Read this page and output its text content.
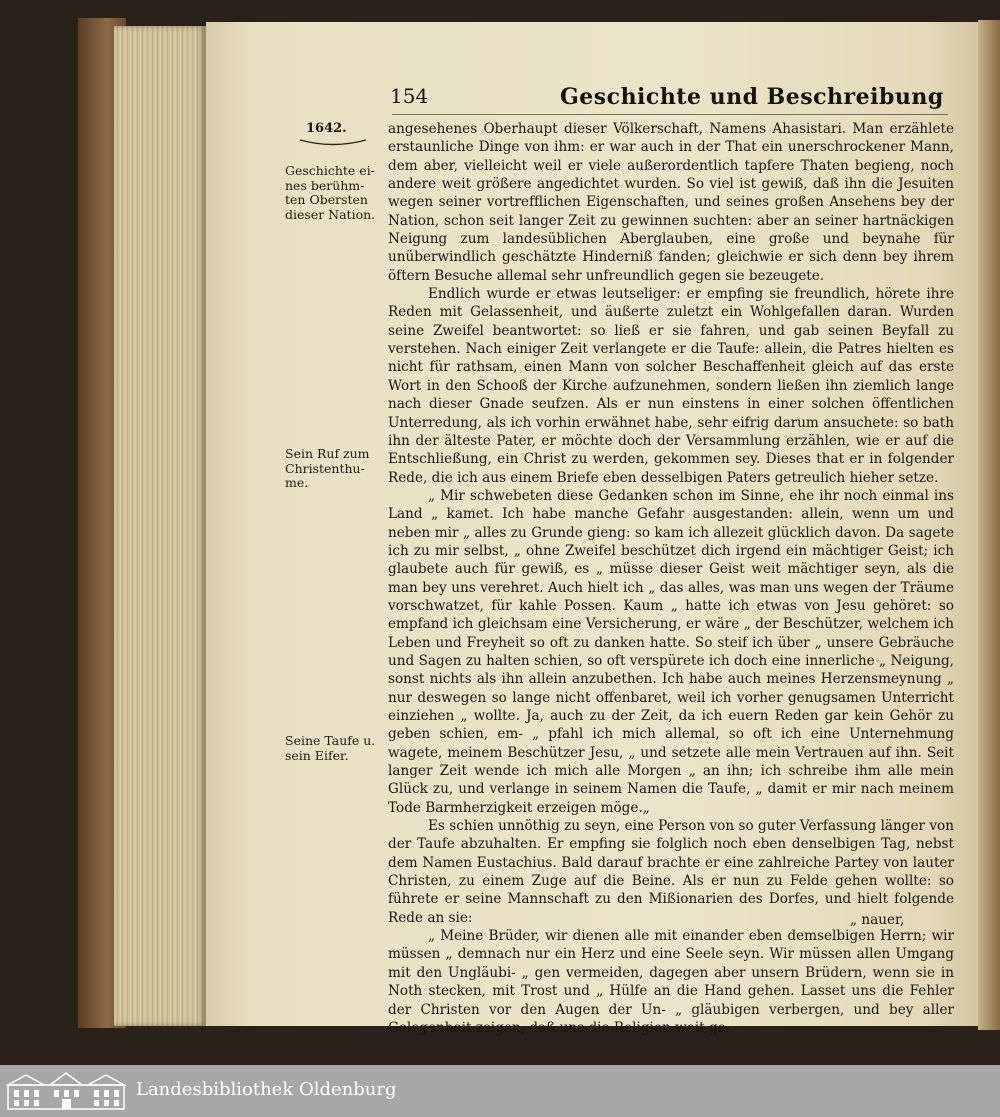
154	Geschichte und Beschreibung
1642.
Geschichte ei-nes berühm-ten Obersten dieser Nation.
Sein Ruf zum Christenthu-me.
Seine Taufe u. sein Eifer.

angesehenes Oberhaupt dieser Völkerschaft, Namens Ahasistari. Man erzählete erstaunliche Dinge von ihm: er war auch in der That ein unerschrockener Mann, dem aber, vielleicht weil er viele außerordentlich tapfere Thaten begieng, noch andere weit größere angedichtet wurden. So viel ist gewiß, daß ihn die Jesuiten wegen seiner vortrefflichen Eigenschaften, und seines großen Ansehens bey der Nation, schon seit langer Zeit zu gewinnen suchten: aber an seiner hartnäckigen Neigung zum landesüblichen Aberglauben, eine große und beynahe für unüberwindlich geschätzte Hinderniß fanden; gleichwie er sich denn bey ihrem öftern Besuche allemal sehr unfreundlich gegen sie bezeugete.

Endlich wurde er etwas leutseliger: er empfing sie freundlich, hörete ihre Reden mit Gelassenheit, und äußerte zuletzt ein Wohlgefallen daran. Wurden seine Zweifel beantwortet: so ließ er sie fahren, und gab seinen Beyfall zu verstehen. Nach einiger Zeit verlangete er die Taufe: allein, die Patres hielten es nicht für rathsam, einen Mann von solcher Beschaffenheit gleich auf das erste Wort in den Schooß der Kirche aufzunehmen, sondern ließen ihn ziemlich lange nach dieser Gnade seufzen. Als er nun einstens in einer solchen öffentlichen Unterredung, als ich vorhin erwähnet habe, sehr eifrig darum ansuchete: so bath ihn der älteste Pater, er möchte doch der Versammlung erzählen, wie er auf die Entschließung, ein Christ zu werden, gekommen sey. Dieses that er in folgender Rede, die ich aus einem Briefe eben desselbigen Paters getreulich hieher setze.

„ Mir schwebeten diese Gedanken schon im Sinne, ehe ihr noch einmal ins Land „ kamet. Ich habe manche Gefahr ausgestanden: allein, wenn um und neben mir „ alles zu Grunde gieng: so kam ich allezeit glücklich davon. Da sagete ich zu mir selbst, „ ohne Zweifel beschützet dich irgend ein mächtiger Geist; ich glaubete auch für gewiß, es „ müsse dieser Geist weit mächtiger seyn, als die man bey uns verehret. Auch hielt ich „ das alles, was man uns wegen der Träume vorschwatzet, für kahle Possen. Kaum „ hatte ich etwas von Jesu gehöret: so empfand ich gleichsam eine Versicherung, er wäre „ der Beschützer, welchem ich Leben und Freyheit so oft zu danken hatte. So steif ich über „ unsere Gebräuche und Sagen zu halten schien, so oft verspürete ich doch eine innerliche „ Neigung, sonst nichts als ihn allein anzubethen. Ich habe auch meines Herzensmeynung „ nur deswegen so lange nicht offenbaret, weil ich vorher genugsamen Unterricht einziehen „ wollte. Ja, auch zu der Zeit, da ich euern Reden gar kein Gehör zu geben schien, em- „ pfahl ich mich allemal, so oft ich eine Unternehmung wagete, meinem Beschützer Jesu, „ und setzete alle mein Vertrauen auf ihn. Seit langer Zeit wende ich mich alle Morgen „ an ihn; ich schreibe ihm alle mein Glück zu, und verlange in seinem Namen die Taufe, „ damit er mir nach meinem Tode Barmherzigkeit erzeigen möge.„

Es schien unnöthig zu seyn, eine Person von so guter Verfassung länger von der Taufe abzuhalten. Er empfing sie folglich noch eben denselbigen Tag, nebst dem Namen Eustachius. Bald darauf brachte er eine zahlreiche Partey von lauter Christen, zu einem Zuge auf die Beine. Als er nun zu Felde gehen wollte: so führete er seine Mannschaft zu den Mißionarien des Dorfes, und hielt folgende Rede an sie:

„ Meine Brüder, wir dienen alle mit einander eben demselbigen Herrn; wir müssen „ demnach nur ein Herz und eine Seele seyn. Wir müssen allen Umgang mit den Ungläubi- „ gen vermeiden, dagegen aber unsern Brüdern, wenn sie in Noth stecken, mit Trost und „ Hülfe an die Hand gehen. Lasset uns die Fehler der Christen vor den Augen der Un- „ gläubigen verbergen, und bey aller Gelegenheit zeigen, daß uns die Religion weit ge-

„ nauer,
Landesbibliothek Oldenburg
